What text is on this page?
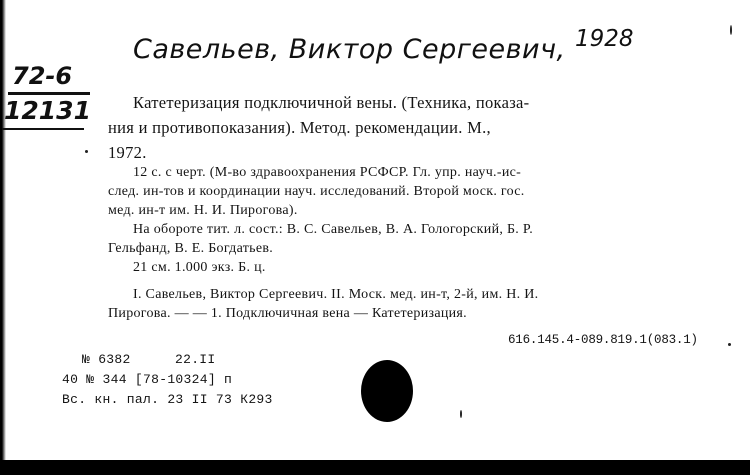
Савельев, Виктор Сергеевич, 1928
72-6
12131	Катетеризация подключичной вены. (Техника, показа-
ния и противопоказания). Метод. рекомендации. М.,
1972.
12 с. с черт. (М-во здравоохранения РСФСР. Гл. упр. науч.-ис-
след. ин-тов и координации науч. исследований. Второй моск. гос.
мед. ин-т им. Н. И. Пирогова).
На обороте тит. л. сост.: В. С. Савельев, В. А. Гологорский, Б. Р.
Гельфанд, В. Е. Богдатьев.
21 см. 1.000 экз. Б. ц.
I. Савельев, Виктор Сергеевич. II. Моск. мед. ин-т, 2-й, им. Н. И.
Пирогова. — — 1. Подключичная вена — Катетеризация.
616.145.4-089.819.1(083.1)
№ 6382	22.II
40 № 344 [78-10324] п
Вс. кн. пал. 23 II 73 К293
